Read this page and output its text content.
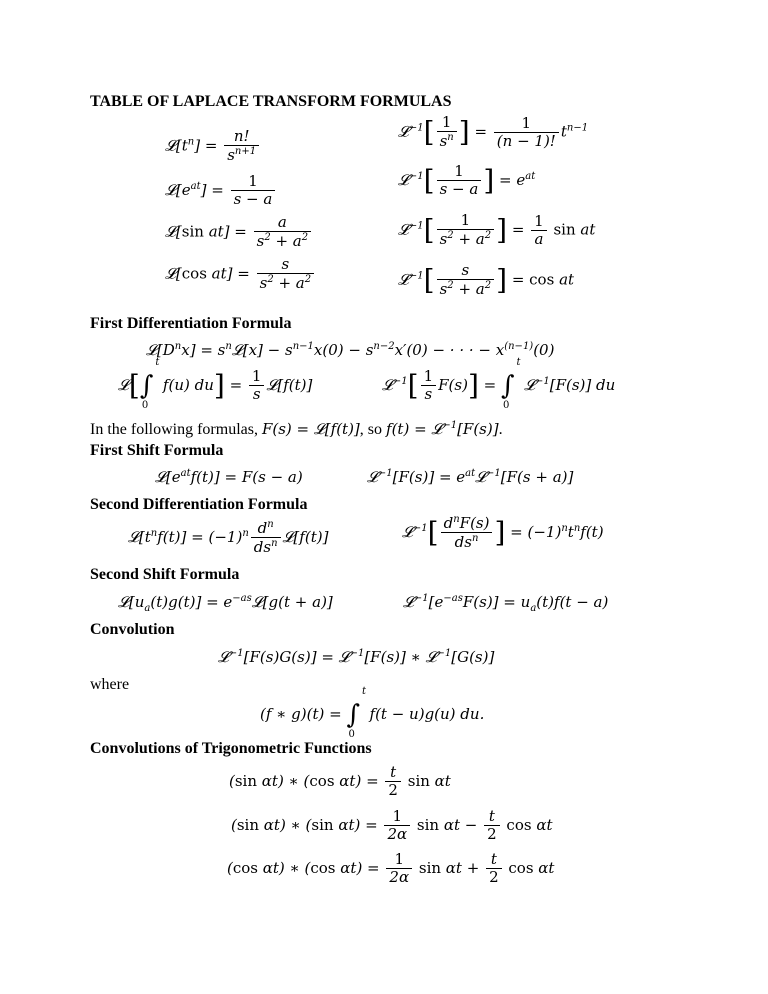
TABLE OF LAPLACE TRANSFORM FORMULAS
$𝓛[t^n] = \frac{n!}{s^{n+1}}$
$𝓛[e^{at}] = \frac{1}{s - a}$
𝓛[sin $at] = \frac{a}{s^2 + a^2}$
𝓛[cos $at] = \frac{s}{s^2 + a^2}$
𝓛$^{-1}$[ $\frac{1}{s^n}$ ] = $\frac{1}{(n - 1)!} t^{n-1}$
𝓛$^{-1}$[ $\frac{1}{s - a}$ ] = $e^{at}$
𝓛$^{-1}$[ $\frac{1}{s^2 + a^2}$ ] = $\frac{1}{a}$ sin at
𝓛$^{-1}$[ $\frac{s}{s^2 + a^2}$ ] = cos at
First Differentiation Formula
$𝓛[D^nx]$ = $s^n𝓛[x] - s^{n-1}x(0) - s^{n-2}x'(0)$ − · · · − $x^{(n-1)}(0)$
𝓛[∫
t
0
f(u) $du] = \frac{1}{s}$ 𝓛[f(t)]	𝓛$^{-1}$[ $\frac{1}{s} F(s)$] = ∫
t
0
𝓛$^{-1}$[F(s)] du
In the following formulas, F(s) = 𝓛[f(t)], so f(t) = 𝓛$^{-1}$[F(s)].
First Shift Formula
$𝓛[e^{at}f(t)] = F(s - a)$	𝓛$^{-1}$[F(s)] = $e^{at}𝓛^{-1}[F(s + a)]$
Second Differentiation Formula
$𝓛[t^nf(t)] = (-1)^n \frac{d^n}{ds^n}$ 𝓛[f(t)]	𝓛$^{-1}$[ $\frac{d^nF(s)}{ds^n}$ ] = $(-1)^nt^nf(t)$
Second Shift Formula
$𝓛[u_a(t)g(t)]$ = $e^{-as}𝓛[g(t + a)]$	$𝓛^{-1}[e^{-as}F(s)] = u_a(t)f(t - a)$
Convolution
𝓛$^{-1}$[F(s)G(s)] = 𝓛$^{-1}$[F(s)] ∗ 𝓛$^{-1}$[G(s)]
where
(f ∗ g)(t) = ∫
t
0
f(t − u)g(u) du.
Convolutions of Trigonometric Functions
(sin αt) ∗ (cos $\alpha t) = \frac{t}{2}$ sin αt
(sin αt) ∗ (sin $\alpha t) = \frac{1}{2\alpha}$ $\sin \alpha t - \frac{t}{2}$ cos αt
(cos αt) ∗ (cos $\alpha t) = \frac{1}{2\alpha}$ $\sin \alpha t + \frac{t}{2}$ cos αt
